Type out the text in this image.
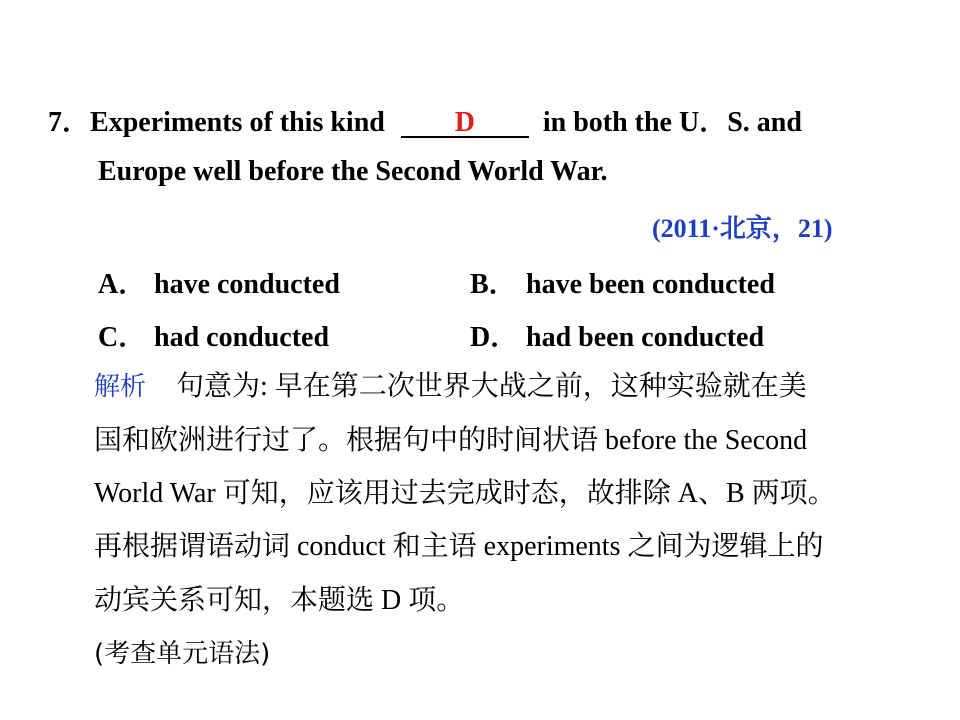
7．Experiments of this kind D in both the U．S. and
Europe well before the Second World War.
(2011·北京，21)
A． have conducted	B． have been conducted
C． had conducted	D． had been conducted
解析 句意为: 早在第二次世界大战之前，这种实验就在美
国和欧洲进行过了。根据句中的时间状语 before the Second
World War 可知，应该用过去完成时态，故排除 A、B 两项。
再根据谓语动词 conduct 和主语 experiments 之间为逻辑上的
动宾关系可知，本题选 D 项。
(考查单元语法)
